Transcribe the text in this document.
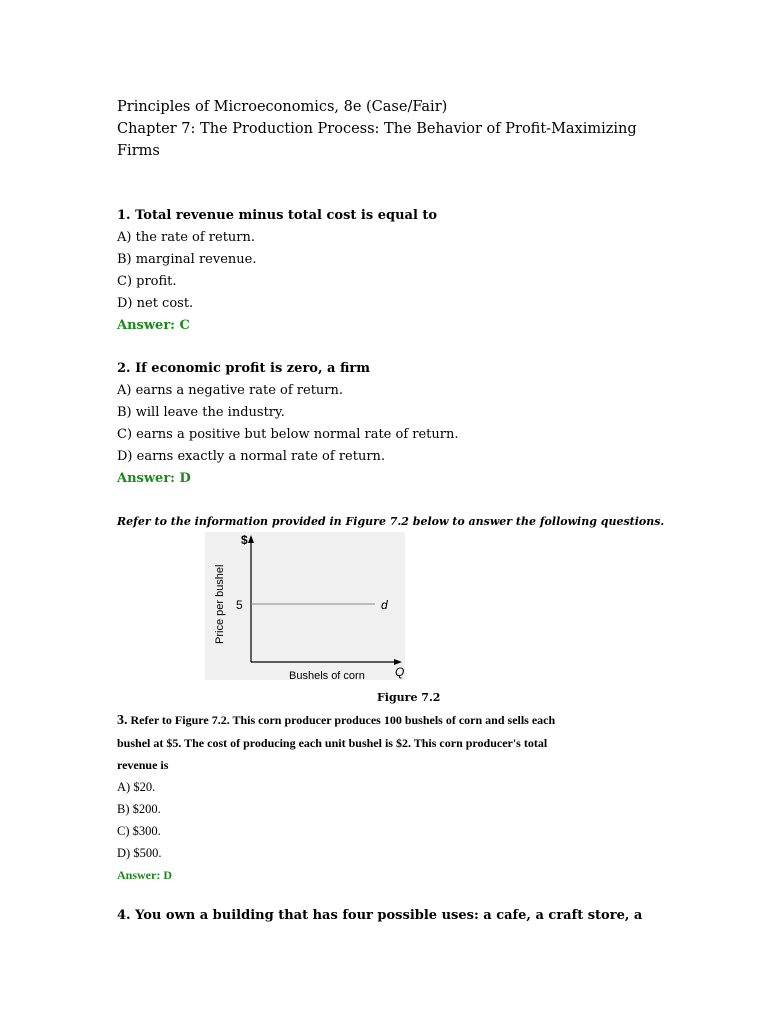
Principles of Microeconomics, 8e (Case/Fair)
Chapter 7: The Production Process: The Behavior of Profit-Maximizing
Firms
1. Total revenue minus total cost is equal to
A) the rate of return.
B) marginal revenue.
C) profit.
D) net cost.
Answer: C
2. If economic profit is zero, a firm
A) earns a negative rate of return.
B) will leave the industry.
C) earns a positive but below normal rate of return.
D) earns exactly a normal rate of return.
Answer: D
Refer to the information provided in Figure 7.2 below to answer the following questions.
$
5	d
Bushels of corn	Q
Price per bushel
Figure 7.2
3. Refer to Figure 7.2. This corn producer produces 100 bushels of corn and sells each
bushel at $5. The cost of producing each unit bushel is $2. This corn producer's total
revenue is
A) $20.
B) $200.
C) $300.
D) $500.
Answer: D
4. You own a building that has four possible uses: a cafe, a craft store, a
